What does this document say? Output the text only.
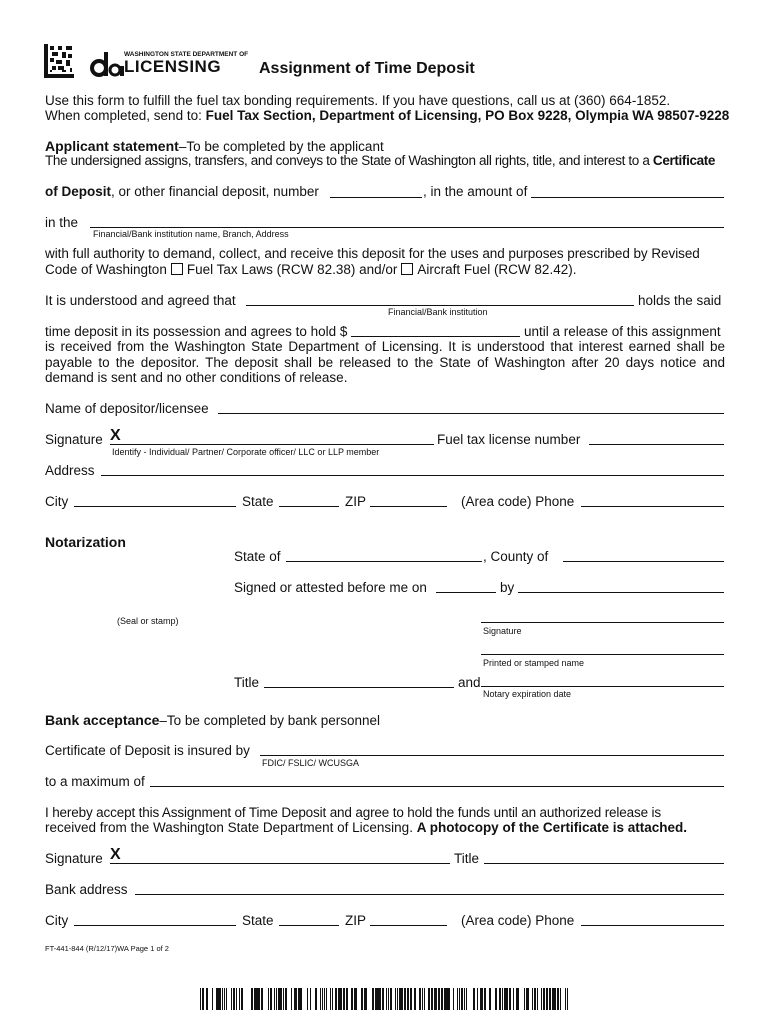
WASHINGTON STATE DEPARTMENT OF
LICENSING Assignment of Time Deposit
Use this form to fulfill the fuel tax bonding requirements. If you have questions, call us at (360) 664-1852.
When completed, send to: Fuel Tax Section, Department of Licensing, PO Box 9228, Olympia WA 98507-9228
Applicant statement–To be completed by the applicant
The undersigned assigns, transfers, and conveys to the State of Washington all rights, title, and interest to a Certificate
of Deposit, or other financial deposit, number	, in the amount of
in the
Financial/Bank institution name, Branch, Address
with full authority to demand, collect, and receive this deposit for the uses and purposes prescribed by Revised
Code of Washington Fuel Tax Laws (RCW 82.38) and/or Aircraft Fuel (RCW 82.42).
It is understood and agreed that	holds the said
Financial/Bank institution
time deposit in its possession and agrees to hold $	until a release of this assignment
is received from the Washington State Department of Licensing. It is understood that interest earned shall be
payable to the depositor. The deposit shall be released to the State of Washington after 20 days notice and
demand is sent and no other conditions of release.
Name of depositor/licensee
Signature X
Identify - Individual/ Partner/ Corporate officer/ LLC or LLP member
Fuel tax license number
Address
City	State	ZIP	(Area code) Phone
Notarization
State of	, County of
Signed or attested before me on	by
(Seal or stamp)
Signature
Printed or stamped name
Title	and
Notary expiration date
Bank acceptance–To be completed by bank personnel
Certificate of Deposit is insured by
FDIC/ FSLIC/ WCUSGA
to a maximum of
I hereby accept this Assignment of Time Deposit and agree to hold the funds until an authorized release is
received from the Washington State Department of Licensing. A photocopy of the Certificate is attached.
Signature X	Title
Bank address
City	State	ZIP	(Area code) Phone
FT-441-844 (R/12/17)WA Page 1 of 2
